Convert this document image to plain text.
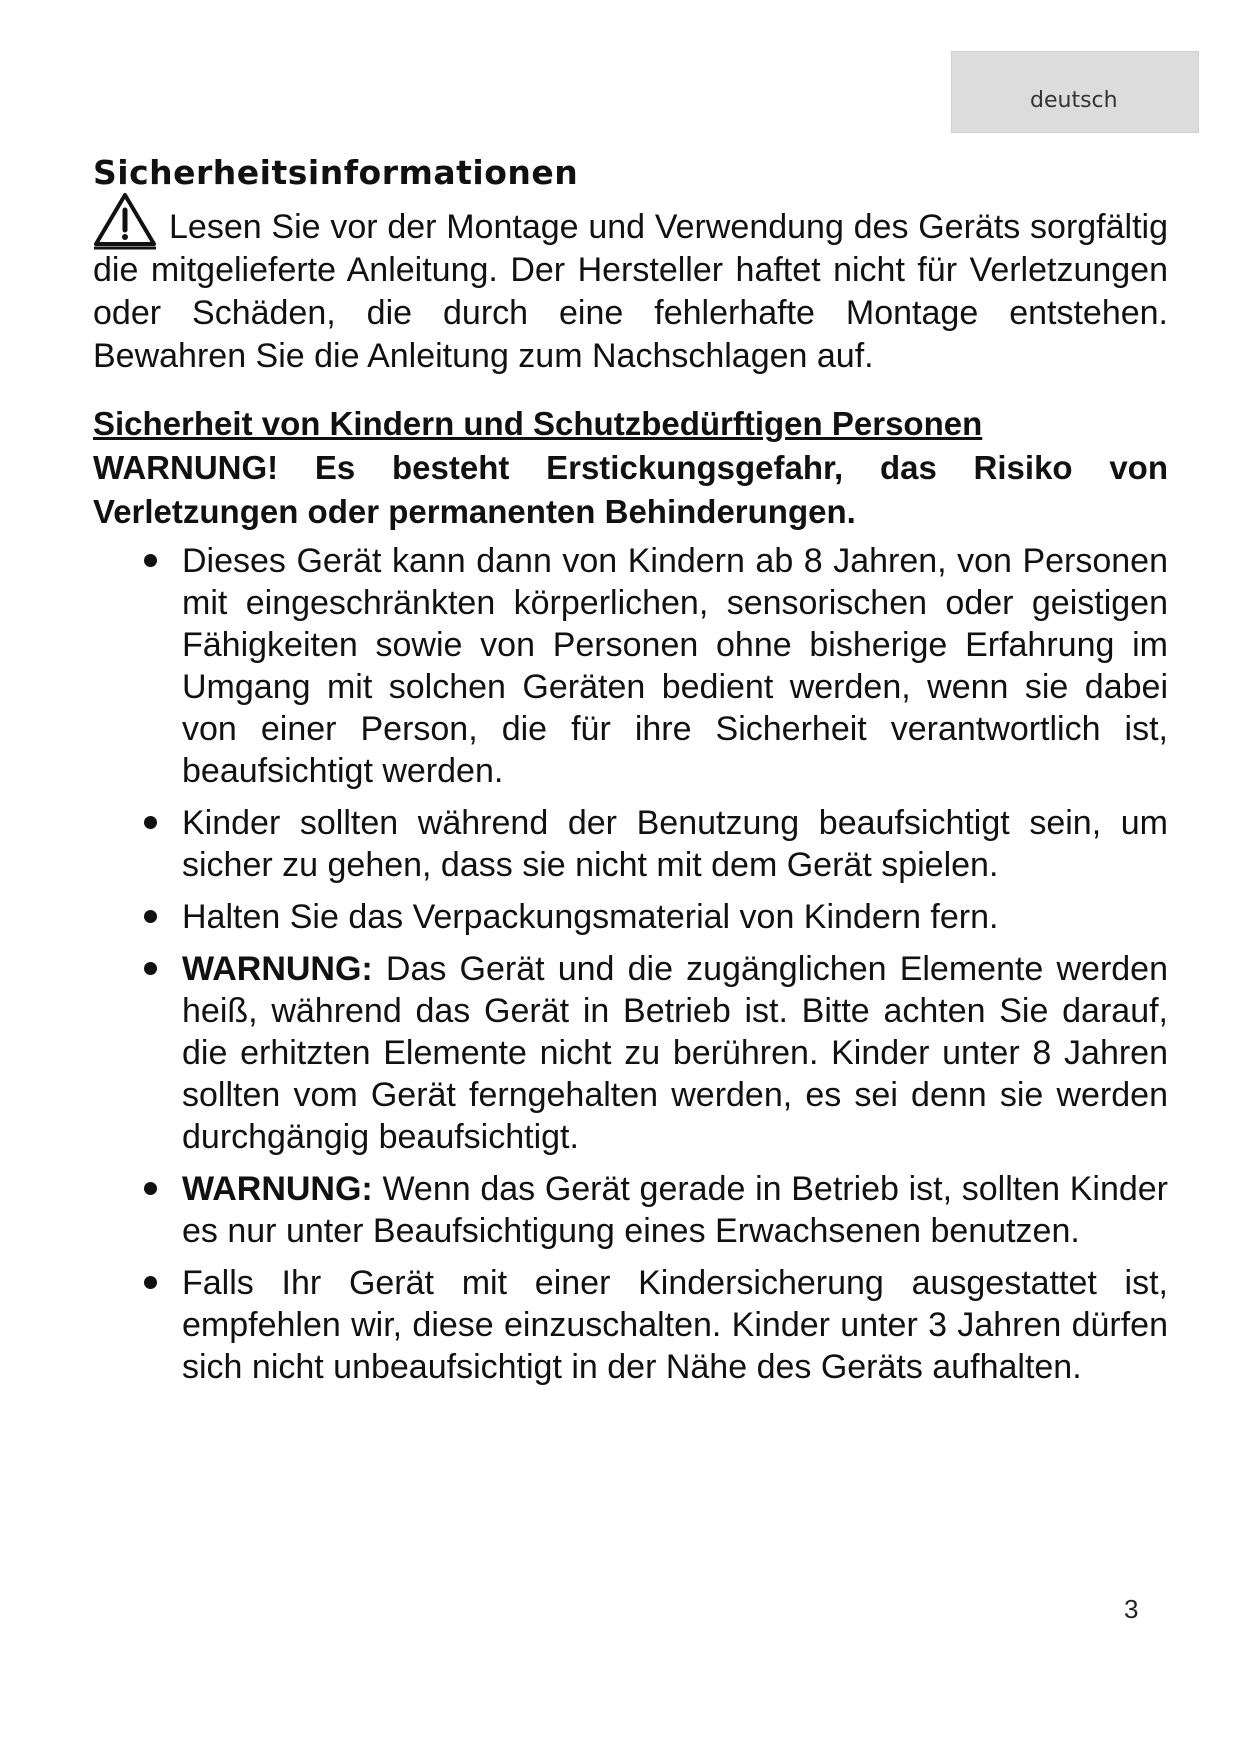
deutsch
Sicherheitsinformationen

Lesen Sie vor der Montage und Verwendung des Geräts sorgfältig die mitgelieferte Anleitung. Der Hersteller haftet nicht für Verletzungen oder Schäden, die durch eine fehlerhafte Montage entstehen. Bewahren Sie die Anleitung zum Nachschlagen auf.

Sicherheit von Kindern und Schutzbedürftigen Personen
WARNUNG! Es besteht Erstickungsgefahr, das Risiko von Verletzungen oder permanenten Behinderungen.
Dieses Gerät kann dann von Kindern ab 8 Jahren, von Personen mit eingeschränkten körperlichen, sensorischen oder geistigen Fähigkeiten sowie von Personen ohne bisherige Erfahrung im Umgang mit solchen Geräten bedient werden, wenn sie dabei von einer Person, die für ihre Sicherheit verantwortlich ist, beaufsichtigt werden.
Kinder sollten während der Benutzung beaufsichtigt sein, um sicher zu gehen, dass sie nicht mit dem Gerät spielen.
Halten Sie das Verpackungsmaterial von Kindern fern.
WARNUNG: Das Gerät und die zugänglichen Elemente werden heiß, während das Gerät in Betrieb ist. Bitte achten Sie darauf, die erhitzten Elemente nicht zu berühren. Kinder unter 8 Jahren sollten vom Gerät ferngehalten werden, es sei denn sie werden durchgängig beaufsichtigt.
WARNUNG: Wenn das Gerät gerade in Betrieb ist, sollten Kinder es nur unter Beaufsichtigung eines Erwachsenen benutzen.
Falls Ihr Gerät mit einer Kindersicherung ausgestattet ist, empfehlen wir, diese einzuschalten. Kinder unter 3 Jahren dürfen sich nicht unbeaufsichtigt in der Nähe des Geräts aufhalten.
3
